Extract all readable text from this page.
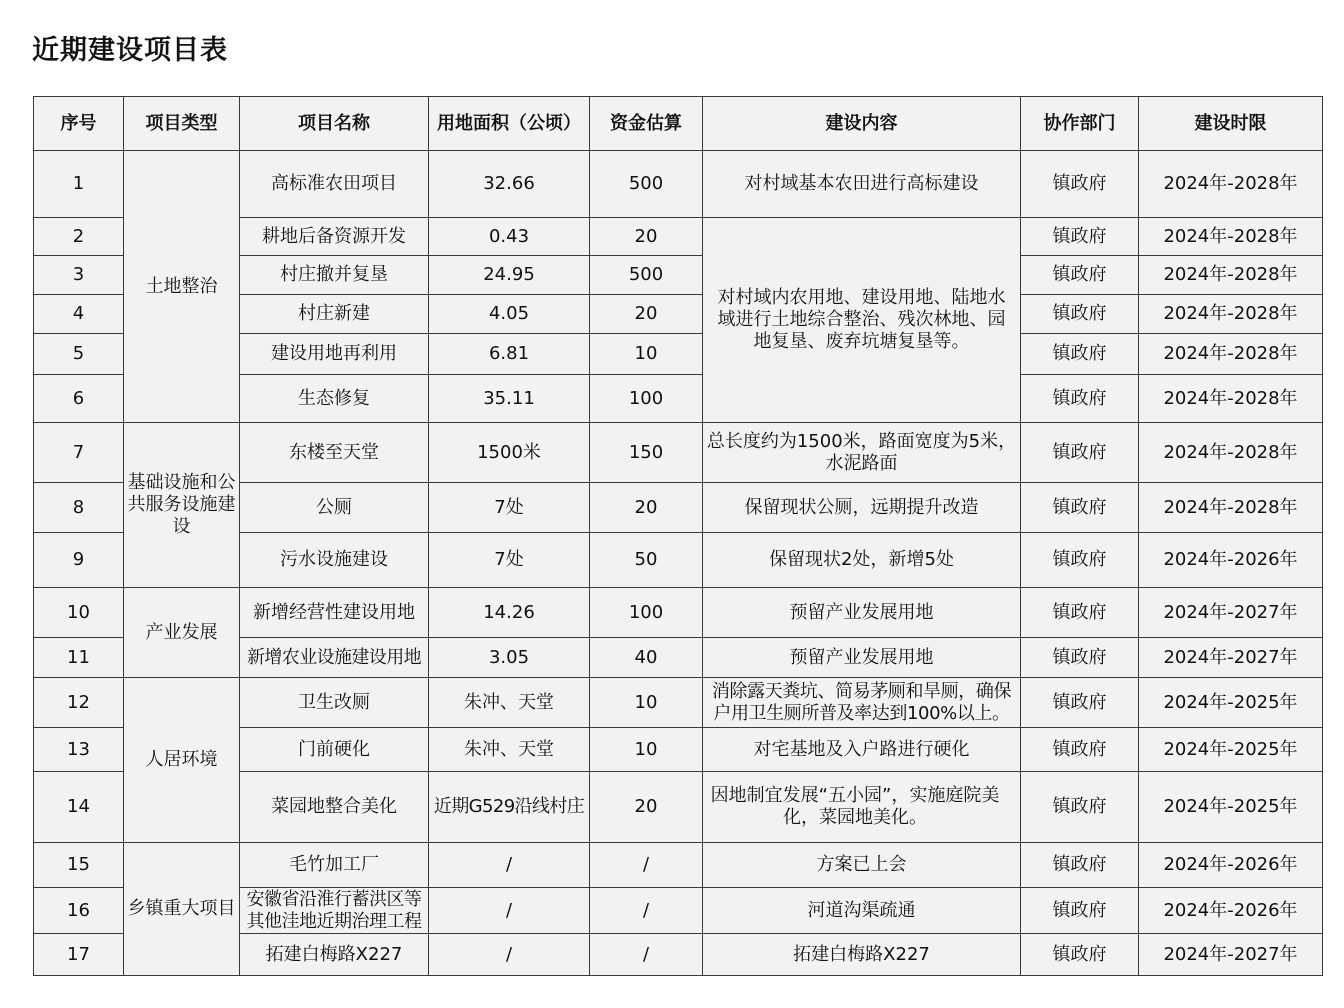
近期建设项目表
序号	项目类型	项目名称	用地面积（公顷）	资金估算	建设内容	协作部门	建设时限
1	土地整治	高标准农田项目	32.66	500	对村域基本农田进行高标建设	镇政府	2024年-2028年
2		耕地后备资源开发	0.43	20	对村域内农用地、建设用地、陆地水域进行土地综合整治、残次林地、园地复垦、废弃坑塘复垦等。	镇政府	2024年-2028年
3		村庄撤并复垦	24.95	500		镇政府	2024年-2028年
4		村庄新建	4.05	20		镇政府	2024年-2028年
5		建设用地再利用	6.81	10		镇政府	2024年-2028年
6		生态修复	35.11	100		镇政府	2024年-2028年
7	基础设施和公共服务设施建设	东楼至天堂	1500米	150	总长度约为1500米，路面宽度为5米，水泥路面	镇政府	2024年-2028年
8		公厕	7处	20	保留现状公厕，远期提升改造	镇政府	2024年-2028年
9		污水设施建设	7处	50	保留现状2处，新增5处	镇政府	2024年-2026年
10	产业发展	新增经营性建设用地	14.26	100	预留产业发展用地	镇政府	2024年-2027年
11		新增农业设施建设用地	3.05	40	预留产业发展用地	镇政府	2024年-2027年
12	人居环境	卫生改厕	朱冲、天堂	10	消除露天粪坑、简易茅厕和旱厕，确保户用卫生厕所普及率达到100%以上。	镇政府	2024年-2025年
13		门前硬化	朱冲、天堂	10	对宅基地及入户路进行硬化	镇政府	2024年-2025年
14		菜园地整合美化	近期G529沿线村庄	20	因地制宜发展“五小园”，实施庭院美化，菜园地美化。	镇政府	2024年-2025年
15	乡镇重大项目	毛竹加工厂	/	/	方案已上会	镇政府	2024年-2026年
16		安徽省沿淮行蓄洪区等其他洼地近期治理工程	/	/	河道沟渠疏通	镇政府	2024年-2026年
17		拓建白梅路X227	/	/	拓建白梅路X227	镇政府	2024年-2027年
